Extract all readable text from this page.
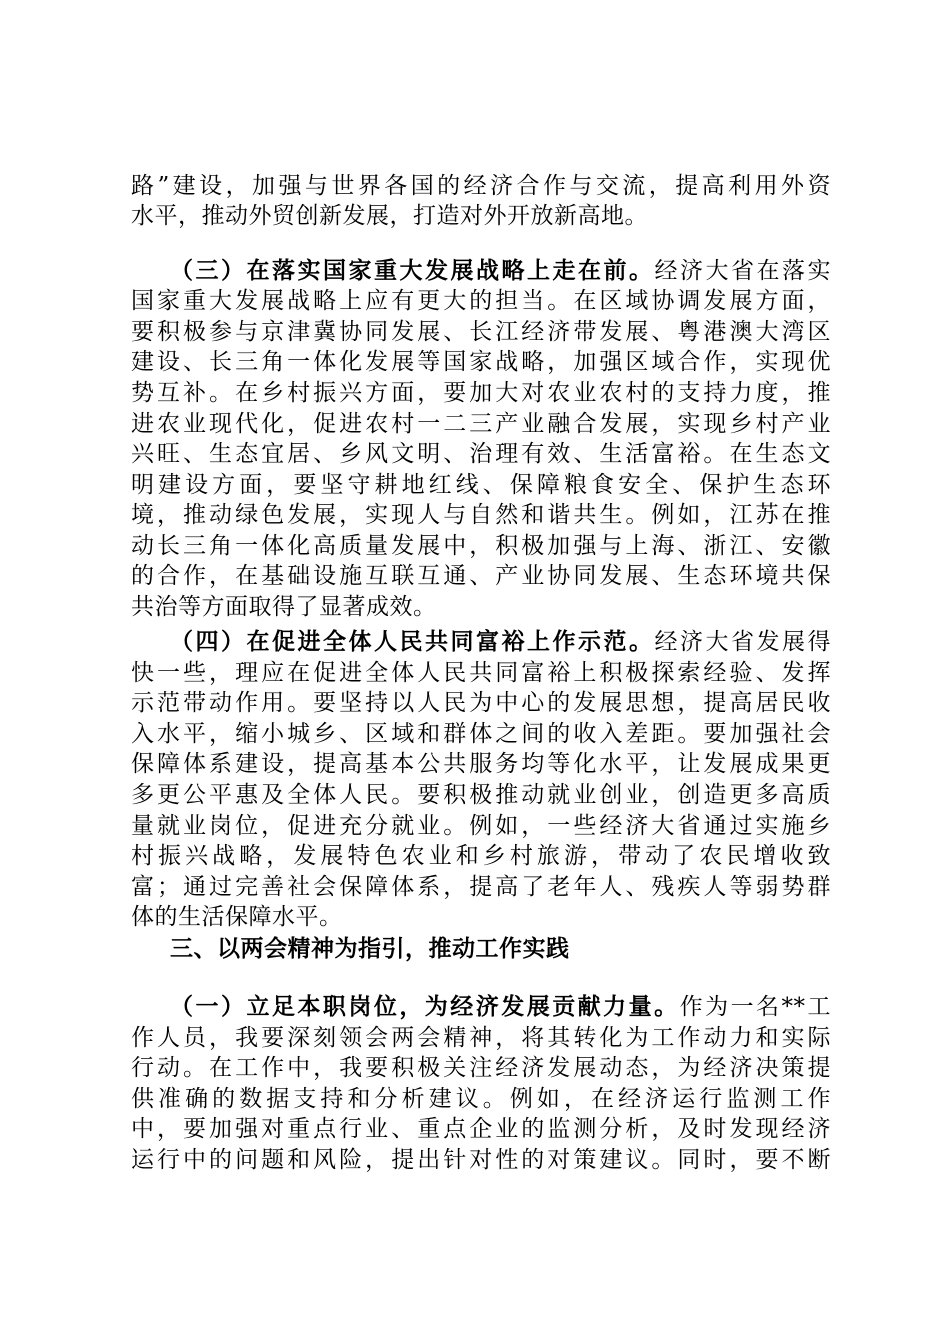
路”建设，加强与世界各国的经济合作与交流，提高利用外资
水平，推动外贸创新发展，打造对外开放新高地。
（三）在落实国家重大发展战略上走在前。经济大省在落实
国家重大发展战略上应有更大的担当。在区域协调发展方面，
要积极参与京津冀协同发展、长江经济带发展、粤港澳大湾区
建设、长三角一体化发展等国家战略，加强区域合作，实现优
势互补。在乡村振兴方面，要加大对农业农村的支持力度，推
进农业现代化，促进农村一二三产业融合发展，实现乡村产业
兴旺、生态宜居、乡风文明、治理有效、生活富裕。在生态文
明建设方面，要坚守耕地红线、保障粮食安全、保护生态环
境，推动绿色发展，实现人与自然和谐共生。例如，江苏在推
动长三角一体化高质量发展中，积极加强与上海、浙江、安徽
的合作，在基础设施互联互通、产业协同发展、生态环境共保
共治等方面取得了显著成效。
（四）在促进全体人民共同富裕上作示范。经济大省发展得
快一些，理应在促进全体人民共同富裕上积极探索经验、发挥
示范带动作用。要坚持以人民为中心的发展思想，提高居民收
入水平，缩小城乡、区域和群体之间的收入差距。要加强社会
保障体系建设，提高基本公共服务均等化水平，让发展成果更
多更公平惠及全体人民。要积极推动就业创业，创造更多高质
量就业岗位，促进充分就业。例如，一些经济大省通过实施乡
村振兴战略，发展特色农业和乡村旅游，带动了农民增收致
富；通过完善社会保障体系，提高了老年人、残疾人等弱势群
体的生活保障水平。
三、以两会精神为指引，推动工作实践
（一）立足本职岗位，为经济发展贡献力量。作为一名**工
作人员，我要深刻领会两会精神，将其转化为工作动力和实际
行动。在工作中，我要积极关注经济发展动态，为经济决策提
供准确的数据支持和分析建议。例如，在经济运行监测工作
中，要加强对重点行业、重点企业的监测分析，及时发现经济
运行中的问题和风险，提出针对性的对策建议。同时，要不断
